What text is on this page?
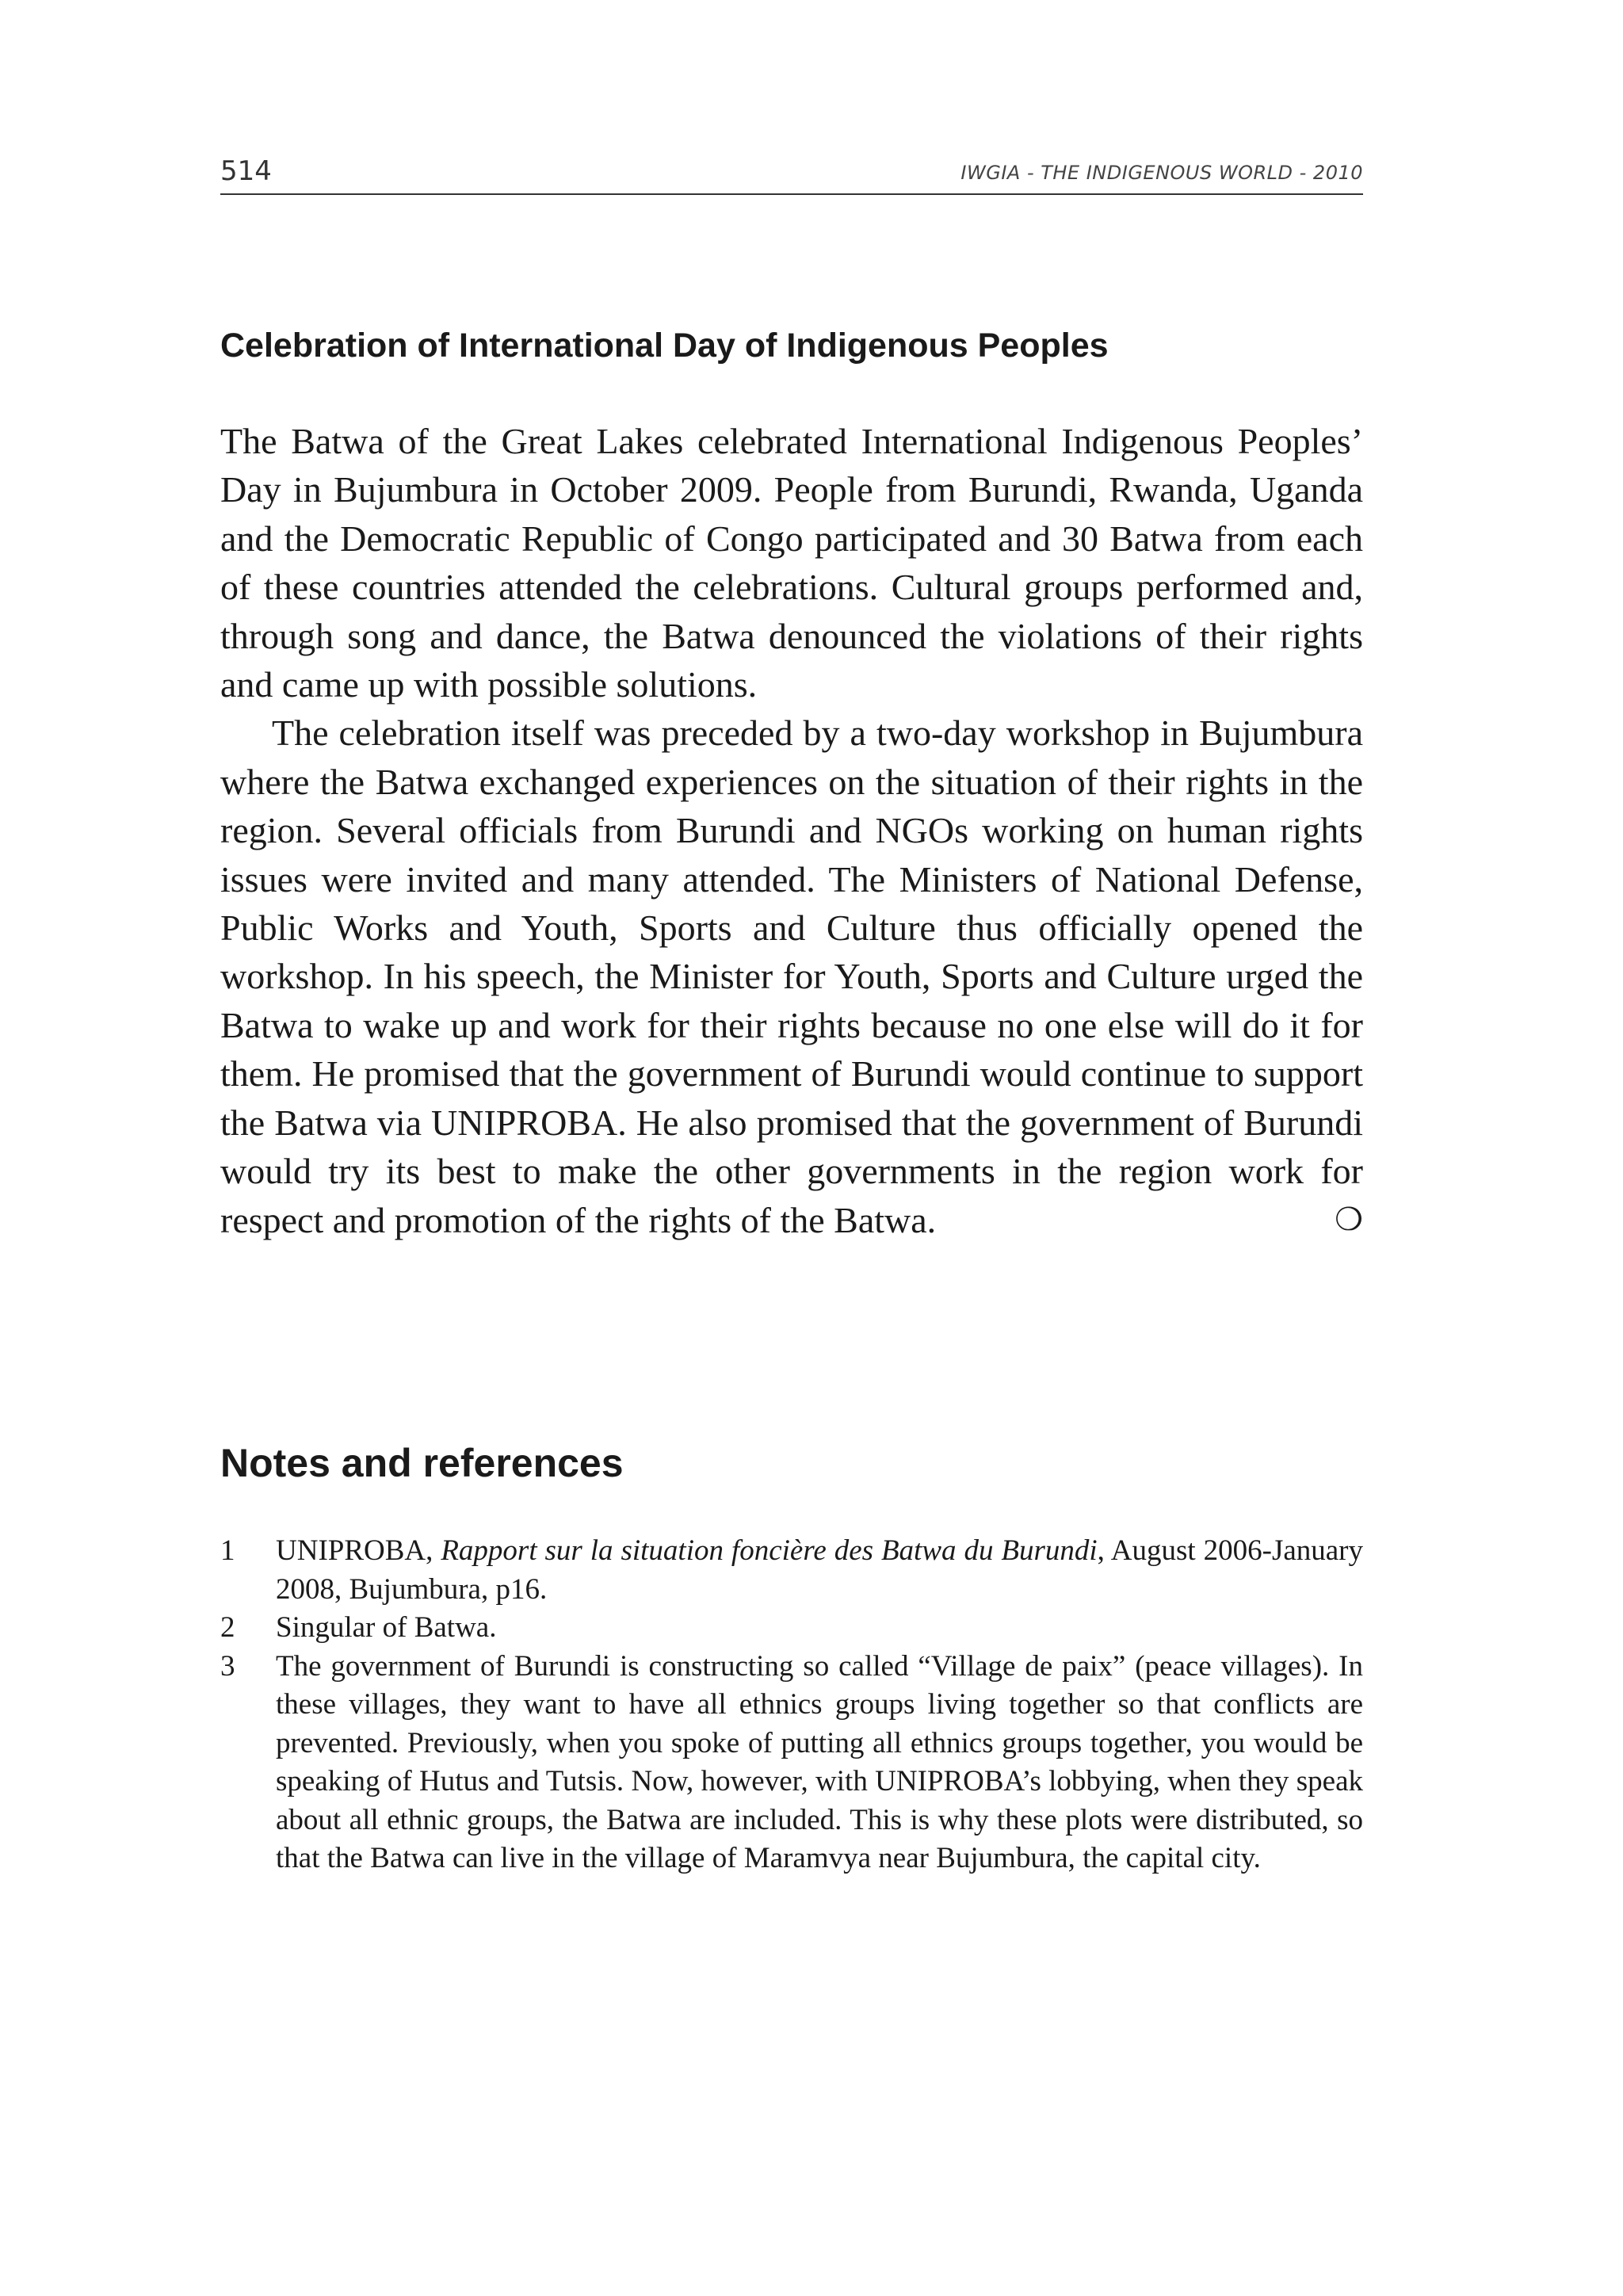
514	IWGIA - THE INDIGENOUS WORLD - 2010
Celebration of International Day of Indigenous Peoples

The Batwa of the Great Lakes celebrated International Indigenous Peoples’ Day in Bujumbura in October 2009. People from Burundi, Rwanda, Uganda and the Democratic Republic of Congo participated and 30 Batwa from each of these countries attended the celebrations. Cultural groups performed and, through song and dance, the Batwa denounced the violations of their rights and came up with possible solutions.

The celebration itself was preceded by a two-day workshop in Bujumbura where the Batwa exchanged experiences on the situation of their rights in the region. Several officials from Burundi and NGOs working on human rights issues were invited and many attended. The Ministers of National Defense, Public Works and Youth, Sports and Culture thus officially opened the workshop. In his speech, the Minister for Youth, Sports and Culture urged the Batwa to wake up and work for their rights because no one else will do it for them. He promised that the government of Burundi would continue to support the Batwa via UNIPROBA. He also promised that the government of Burundi would try its best to make the other governments in the region work for respect and promotion of the rights of the Batwa.	❍

Notes and references
1	UNIPROBA, Rapport sur la situation foncière des Batwa du Burundi, August 2006-January 2008, Bujumbura, p16.
2	Singular of Batwa.
3	The government of Burundi is constructing so called “Village de paix” (peace villages). In these villages, they want to have all ethnics groups living together so that conflicts are prevented. Previously, when you spoke of putting all ethnics groups together, you would be speaking of Hutus and Tutsis. Now, however, with UNIPROBA’s lobbying, when they speak about all ethnic groups, the Batwa are included. This is why these plots were distributed, so that the Batwa can live in the village of Maramvya near Bujumbura, the capital city.
